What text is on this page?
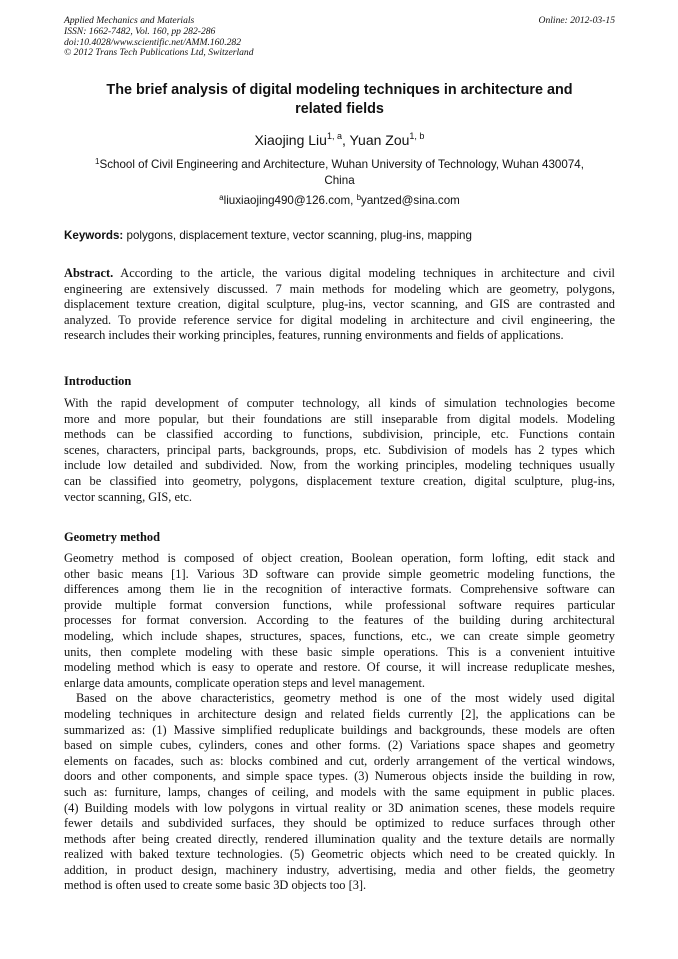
Applied Mechanics and Materials
ISSN: 1662-7482, Vol. 160, pp 282-286
doi:10.4028/www.scientific.net/AMM.160.282
© 2012 Trans Tech Publications Ltd, Switzerland
Online: 2012-03-15
The brief analysis of digital modeling techniques in architecture and
related fields
Xiaojing Liu$^{1, a}$, Yuan Zou$^{1, b}$
$^1$School of Civil Engineering and Architecture, Wuhan University of Technology, Wuhan 430074,
China
$^a$liuxiaojing490@126.com, $^b$yantzed@sina.com
Keywords: polygons, displacement texture, vector scanning, plug-ins, mapping
Abstract. According to the article, the various digital modeling techniques in architecture and civil
engineering are extensively discussed. 7 main methods for modeling which are geometry, polygons,
displacement texture creation, digital sculpture, plug-ins, vector scanning, and GIS are contrasted and
analyzed. To provide reference service for digital modeling in architecture and civil engineering, the
research includes their working principles, features, running environments and fields of applications.
Introduction
With the rapid development of computer technology, all kinds of simulation technologies become
more and more popular, but their foundations are still inseparable from digital models. Modeling
methods can be classified according to functions, subdivision, principle, etc. Functions contain
scenes, characters, principal parts, backgrounds, props, etc. Subdivision of models has 2 types which
include low detailed and subdivided. Now, from the working principles, modeling techniques usually
can be classified into geometry, polygons, displacement texture creation, digital sculpture, plug-ins,
vector scanning, GIS, etc.
Geometry method
Geometry method is composed of object creation, Boolean operation, form lofting, edit stack and
other basic means [1]. Various 3D software can provide simple geometric modeling functions, the
differences among them lie in the recognition of interactive formats. Comprehensive software can
provide multiple format conversion functions, while professional software requires particular
processes for format conversion. According to the features of the building during architectural
modeling, which include shapes, structures, spaces, functions, etc., we can create simple geometry
units, then complete modeling with these basic simple operations. This is a convenient intuitive
modeling method which is easy to operate and restore. Of course, it will increase reduplicate meshes,
enlarge data amounts, complicate operation steps and level management.
Based on the above characteristics, geometry method is one of the most widely used digital
modeling techniques in architecture design and related fields currently [2], the applications can be
summarized as: (1) Massive simplified reduplicate buildings and backgrounds, these models are often
based on simple cubes, cylinders, cones and other forms. (2) Variations space shapes and geometry
elements on facades, such as: blocks combined and cut, orderly arrangement of the vertical windows,
doors and other components, and simple space types. (3) Numerous objects inside the building in row,
such as: furniture, lamps, changes of ceiling, and models with the same equipment in public places.
(4) Building models with low polygons in virtual reality or 3D animation scenes, these models require
fewer details and subdivided surfaces, they should be optimized to reduce surfaces through other
methods after being created directly, rendered illumination quality and the texture details are normally
realized with baked texture technologies. (5) Geometric objects which need to be created quickly. In
addition, in product design, machinery industry, advertising, media and other fields, the geometry
method is often used to create some basic 3D objects too [3].
